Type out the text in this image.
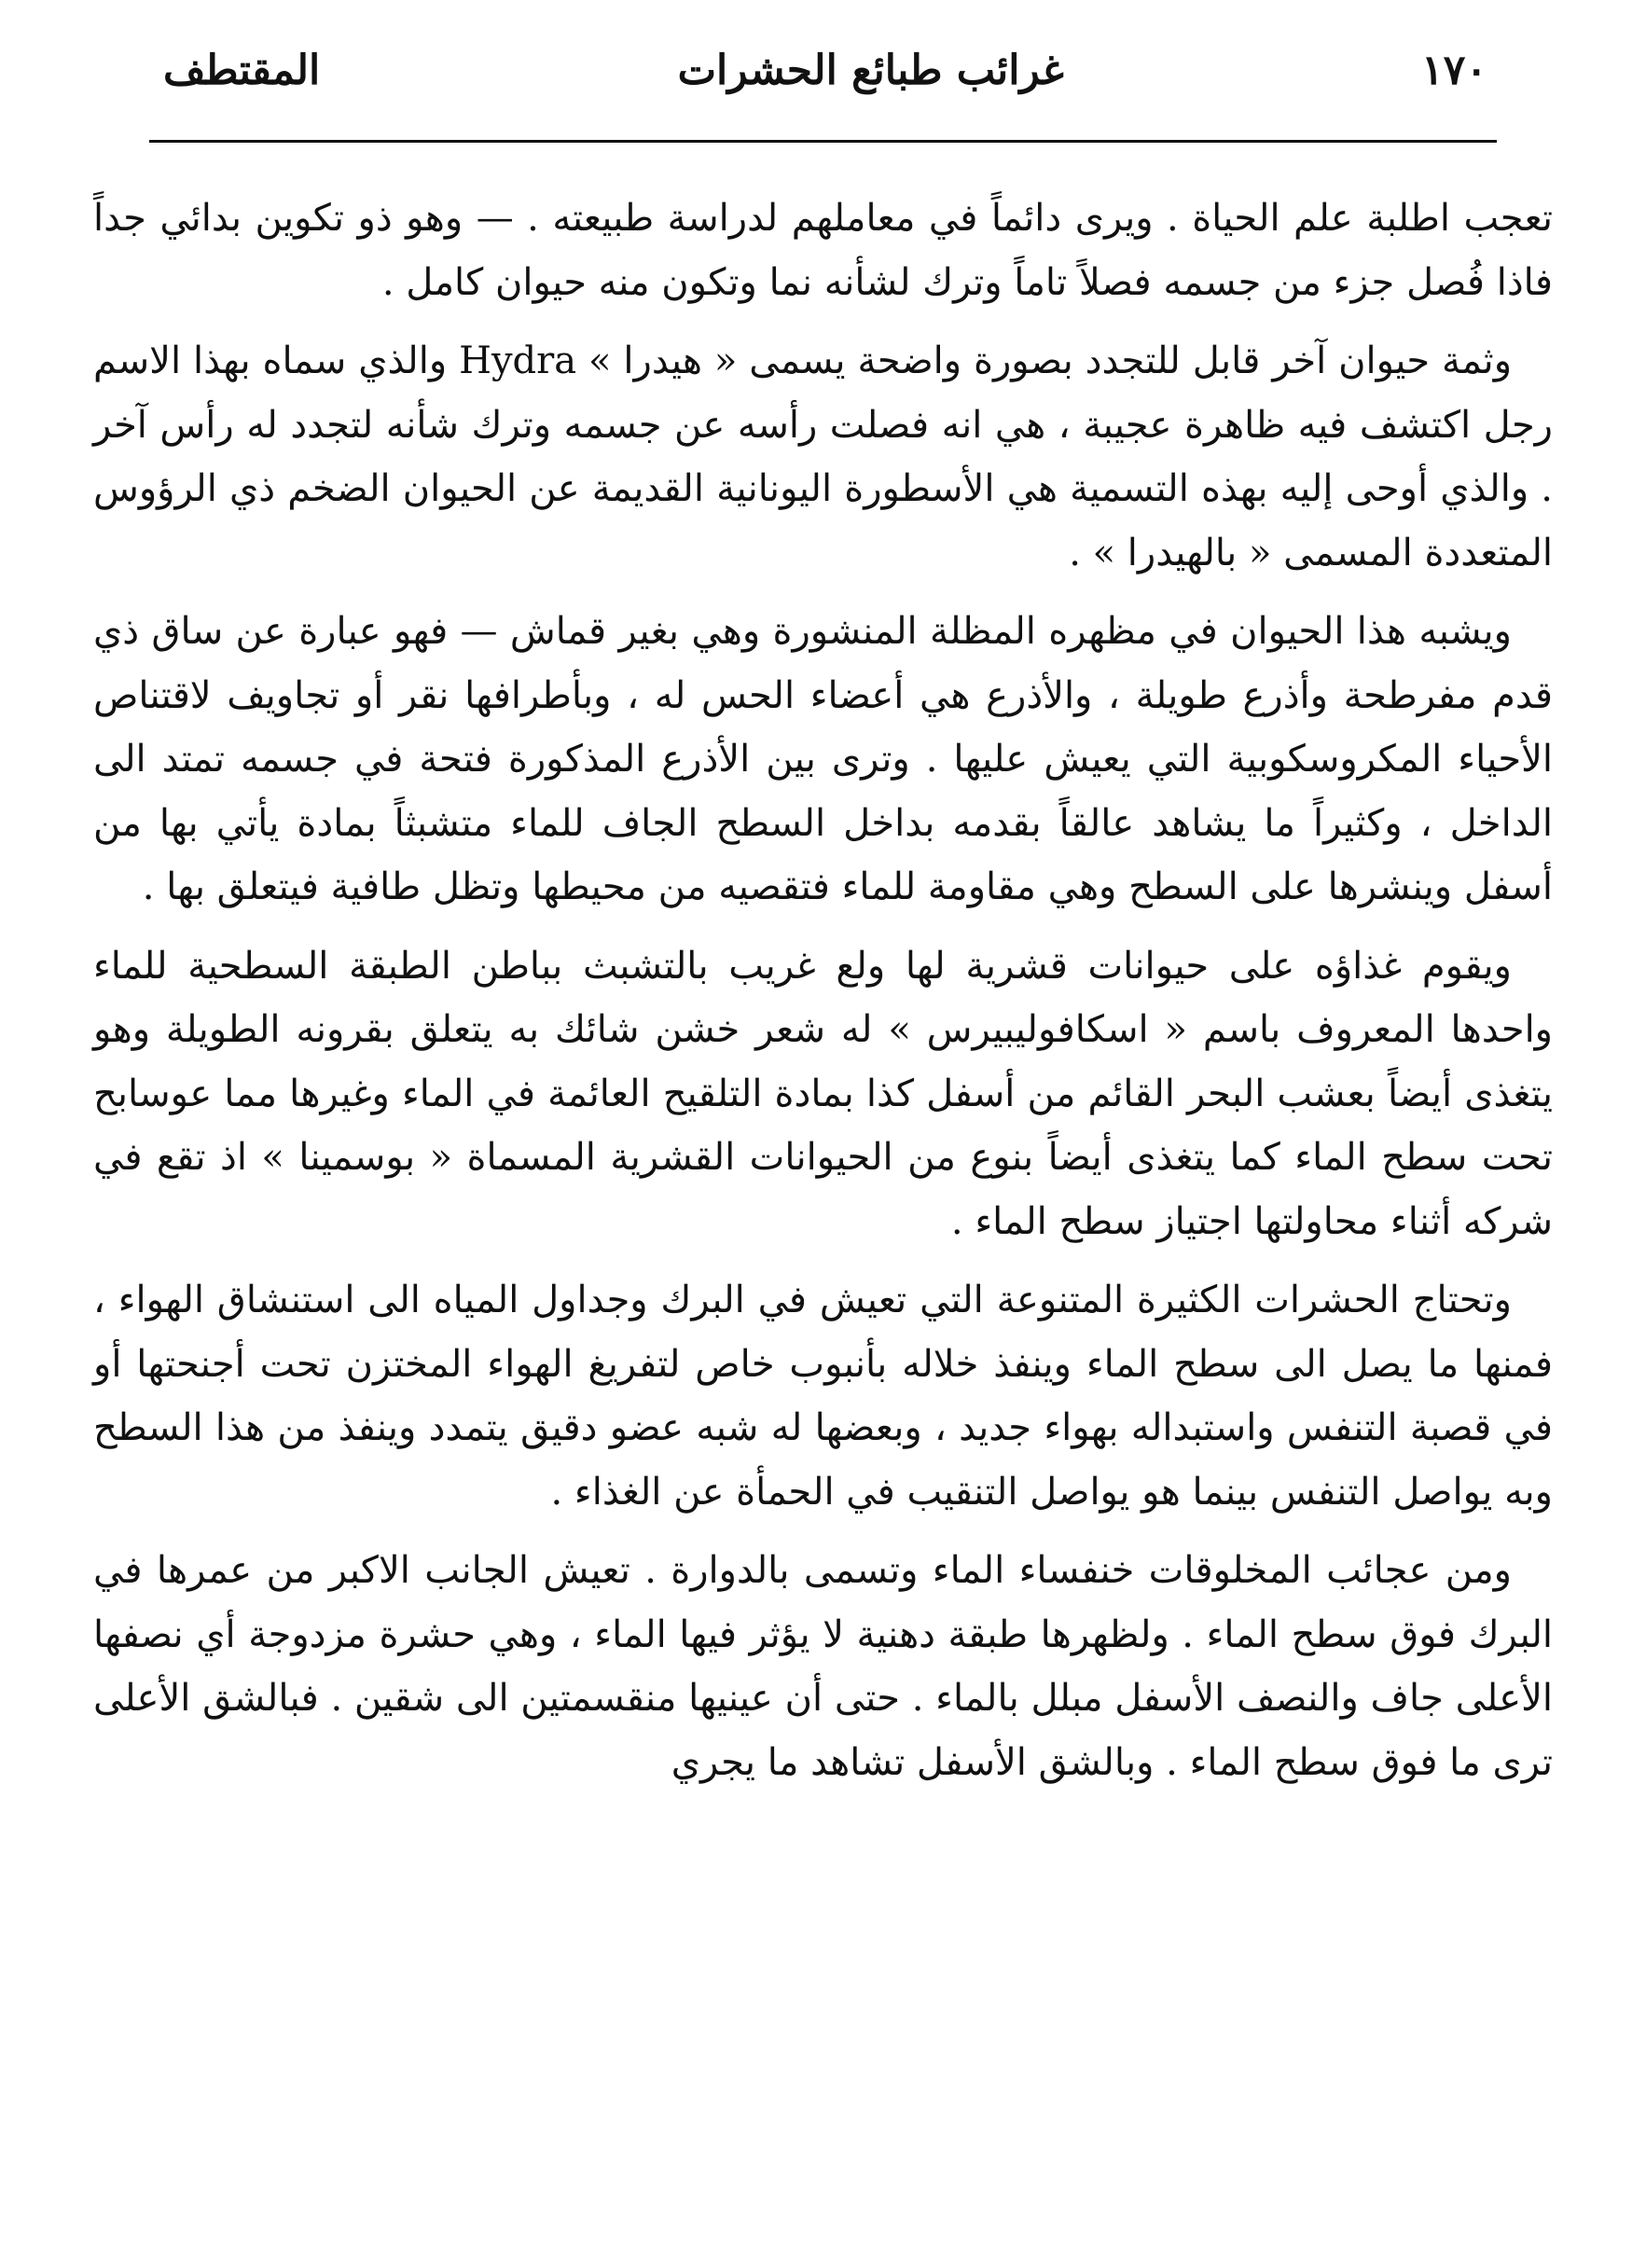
١٧٠
غرائب طبائع الحشرات
المقتطف

تعجب اطلبة علم الحياة . ويرى دائماً في معاملهم لدراسة طبيعته . — وهو ذو تكوين بدائي جداً فاذا فُصل جزء من جسمه فصلاً تاماً وترك لشأنه نما وتكون منه حيوان كامل .

وثمة حيوان آخر قابل للتجدد بصورة واضحة يسمى « هيدرا » Hydra والذي سماه بهذا الاسم رجل اكتشف فيه ظاهرة عجيبة ، هي انه فصلت رأسه عن جسمه وترك شأنه لتجدد له رأس آخر . والذي أوحى إليه بهذه التسمية هي الأسطورة اليونانية القديمة عن الحيوان الضخم ذي الرؤوس المتعددة المسمى « بالهيدرا » .

ويشبه هذا الحيوان في مظهره المظلة المنشورة وهي بغير قماش — فهو عبارة عن ساق ذي قدم مفرطحة وأذرع طويلة ، والأذرع هي أعضاء الحس له ، وبأطرافها نقر أو تجاويف لاقتناص الأحياء المكروسكوبية التي يعيش عليها . وترى بين الأذرع المذكورة فتحة في جسمه تمتد الى الداخل ، وكثيراً ما يشاهد عالقاً بقدمه بداخل السطح الجاف للماء متشبثاً بمادة يأتي بها من أسفل وينشرها على السطح وهي مقاومة للماء فتقصيه من محيطها وتظل طافية فيتعلق بها .

ويقوم غذاؤه على حيوانات قشرية لها ولع غريب بالتشبث بباطن الطبقة السطحية للماء واحدها المعروف باسم « اسكافوليبيرس » له شعر خشن شائك به يتعلق بقرونه الطويلة وهو يتغذى أيضاً بعشب البحر القائم من أسفل كذا بمادة التلقيح العائمة في الماء وغيرها مما عوسابح تحت سطح الماء كما يتغذى أيضاً بنوع من الحيوانات القشرية المسماة « بوسمينا » اذ تقع في شركه أثناء محاولتها اجتياز سطح الماء .

وتحتاج الحشرات الكثيرة المتنوعة التي تعيش في البرك وجداول المياه الى استنشاق الهواء ، فمنها ما يصل الى سطح الماء وينفذ خلاله بأنبوب خاص لتفريغ الهواء المختزن تحت أجنحتها أو في قصبة التنفس واستبداله بهواء جديد ، وبعضها له شبه عضو دقيق يتمدد وينفذ من هذا السطح وبه يواصل التنفس بينما هو يواصل التنقيب في الحمأة عن الغذاء .

ومن عجائب المخلوقات خنفساء الماء وتسمى بالدوارة . تعيش الجانب الاكبر من عمرها في البرك فوق سطح الماء . ولظهرها طبقة دهنية لا يؤثر فيها الماء ، وهي حشرة مزدوجة أي نصفها الأعلى جاف والنصف الأسفل مبلل بالماء . حتى أن عينيها منقسمتين الى شقين . فبالشق الأعلى ترى ما فوق سطح الماء . وبالشق الأسفل تشاهد ما يجري
